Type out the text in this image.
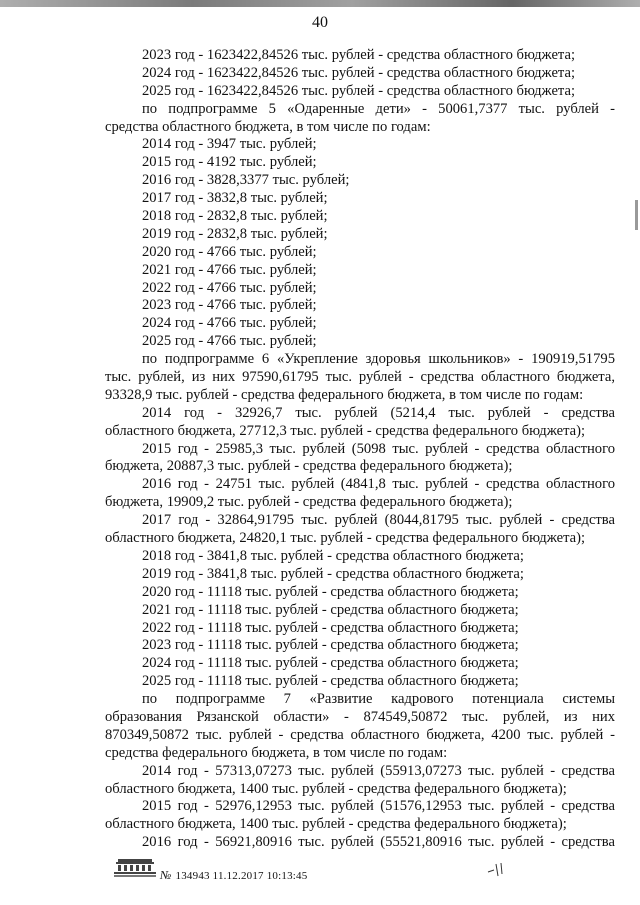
40
2023 год - 1623422,84526 тыс. рублей - средства областного бюджета;
2024 год - 1623422,84526 тыс. рублей - средства областного бюджета;
2025 год - 1623422,84526 тыс. рублей - средства областного бюджета;
по подпрограмме 5 «Одаренные дети» - 50061,7377 тыс. рублей -
средства областного бюджета, в том числе по годам:
2014 год - 3947 тыс. рублей;
2015 год - 4192 тыс. рублей;
2016 год - 3828,3377 тыс. рублей;
2017 год - 3832,8 тыс. рублей;
2018 год - 2832,8 тыс. рублей;
2019 год - 2832,8 тыс. рублей;
2020 год - 4766 тыс. рублей;
2021 год - 4766 тыс. рублей;
2022 год - 4766 тыс. рублей;
2023 год - 4766 тыс. рублей;
2024 год - 4766 тыс. рублей;
2025 год - 4766 тыс. рублей;
по подпрограмме 6 «Укрепление здоровья школьников» - 190919,51795
тыс. рублей, из них 97590,61795 тыс. рублей - средства областного бюджета,
93328,9 тыс. рублей - средства федерального бюджета, в том числе по годам:
2014 год - 32926,7 тыс. рублей (5214,4 тыс. рублей - средства
областного бюджета, 27712,3 тыс. рублей - средства федерального бюджета);
2015 год - 25985,3 тыс. рублей (5098 тыс. рублей - средства областного
бюджета, 20887,3 тыс. рублей - средства федерального бюджета);
2016 год - 24751 тыс. рублей (4841,8 тыс. рублей - средства областного
бюджета, 19909,2 тыс. рублей - средства федерального бюджета);
2017 год - 32864,91795 тыс. рублей (8044,81795 тыс. рублей - средства
областного бюджета, 24820,1 тыс. рублей - средства федерального бюджета);
2018 год - 3841,8 тыс. рублей - средства областного бюджета;
2019 год - 3841,8 тыс. рублей - средства областного бюджета;
2020 год - 11118 тыс. рублей - средства областного бюджета;
2021 год - 11118 тыс. рублей - средства областного бюджета;
2022 год - 11118 тыс. рублей - средства областного бюджета;
2023 год - 11118 тыс. рублей - средства областного бюджета;
2024 год - 11118 тыс. рублей - средства областного бюджета;
2025 год - 11118 тыс. рублей - средства областного бюджета;
по подпрограмме 7 «Развитие кадрового потенциала системы
образования Рязанской области» - 874549,50872 тыс. рублей, из них
870349,50872 тыс. рублей - средства областного бюджета, 4200 тыс. рублей -
средства федерального бюджета, в том числе по годам:
2014 год - 57313,07273 тыс. рублей (55913,07273 тыс. рублей - средства
областного бюджета, 1400 тыс. рублей - средства федерального бюджета);
2015 год - 52976,12953 тыс. рублей (51576,12953 тыс. рублей - средства
областного бюджета, 1400 тыс. рублей - средства федерального бюджета);
2016 год - 56921,80916 тыс. рублей (55521,80916 тыс. рублей - средства
№ 134943 11.12.2017 10:13:45
